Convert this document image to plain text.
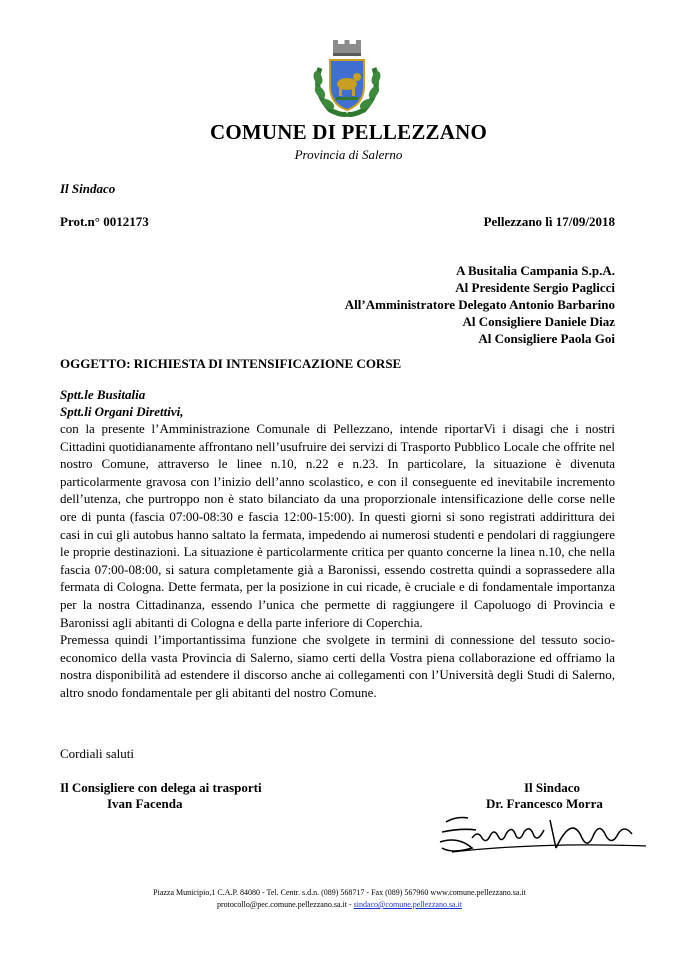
COMUNE DI PELLEZZANO
Provincia di Salerno
Il Sindaco
Prot.n° 0012173	Pellezzano lì 17/09/2018
A Busitalia Campania S.p.A.
Al Presidente Sergio Paglicci
All’Amministratore Delegato Antonio Barbarino
Al Consigliere Daniele Diaz
Al Consigliere Paola Goi
OGGETTO: RICHIESTA DI INTENSIFICAZIONE CORSE
Sptt.le Busitalia
Sptt.li Organi Direttivi,

con la presente l’Amministrazione Comunale di Pellezzano, intende riportarVi i disagi che i nostri Cittadini quotidianamente affrontano nell’usufruire dei servizi di Trasporto Pubblico Locale che offrite nel nostro Comune, attraverso le linee n.10, n.22 e n.23. In particolare, la situazione è divenuta particolarmente gravosa con l’inizio dell’anno scolastico, e con il conseguente ed inevitabile incremento dell’utenza, che purtroppo non è stato bilanciato da una proporzionale intensificazione delle corse nelle ore di punta (fascia 07:00-08:30 e fascia 12:00-15:00). In questi giorni si sono registrati addirittura dei casi in cui gli autobus hanno saltato la fermata, impedendo ai numerosi studenti e pendolari di raggiungere le proprie destinazioni. La situazione è particolarmente critica per quanto concerne la linea n.10, che nella fascia 07:00-08:00, si satura completamente già a Baronissi, essendo costretta quindi a soprassedere alla fermata di Cologna. Dette fermata, per la posizione in cui ricade, è cruciale e di fondamentale importanza per la nostra Cittadinanza, essendo l’unica che permette di raggiungere il Capoluogo di Provincia e Baronissi agli abitanti di Cologna e della parte inferiore di Coperchia.

Premessa quindi l’importantissima funzione che svolgete in termini di connessione del tessuto socio-economico della vasta Provincia di Salerno, siamo certi della Vostra piena collaborazione ed offriamo la nostra disponibilità ad estendere il discorso anche ai collegamenti con l’Università degli Studi di Salerno, altro snodo fondamentale per gli abitanti del nostro Comune.

Cordiali saluti
Il Consigliere con delega ai trasporti
Ivan Facenda
Il Sindaco
Dr. Francesco Morra
Piazza Municipio,1 C.A.P. 84080 - Tel. Centr. s.d.n. (089) 568717 - Fax (089) 567960 www.comune.pellezzano.sa.it
protocollo@pec.comune.pellezzano.sa.it - sindaco@comune.pellezzano.sa.it
